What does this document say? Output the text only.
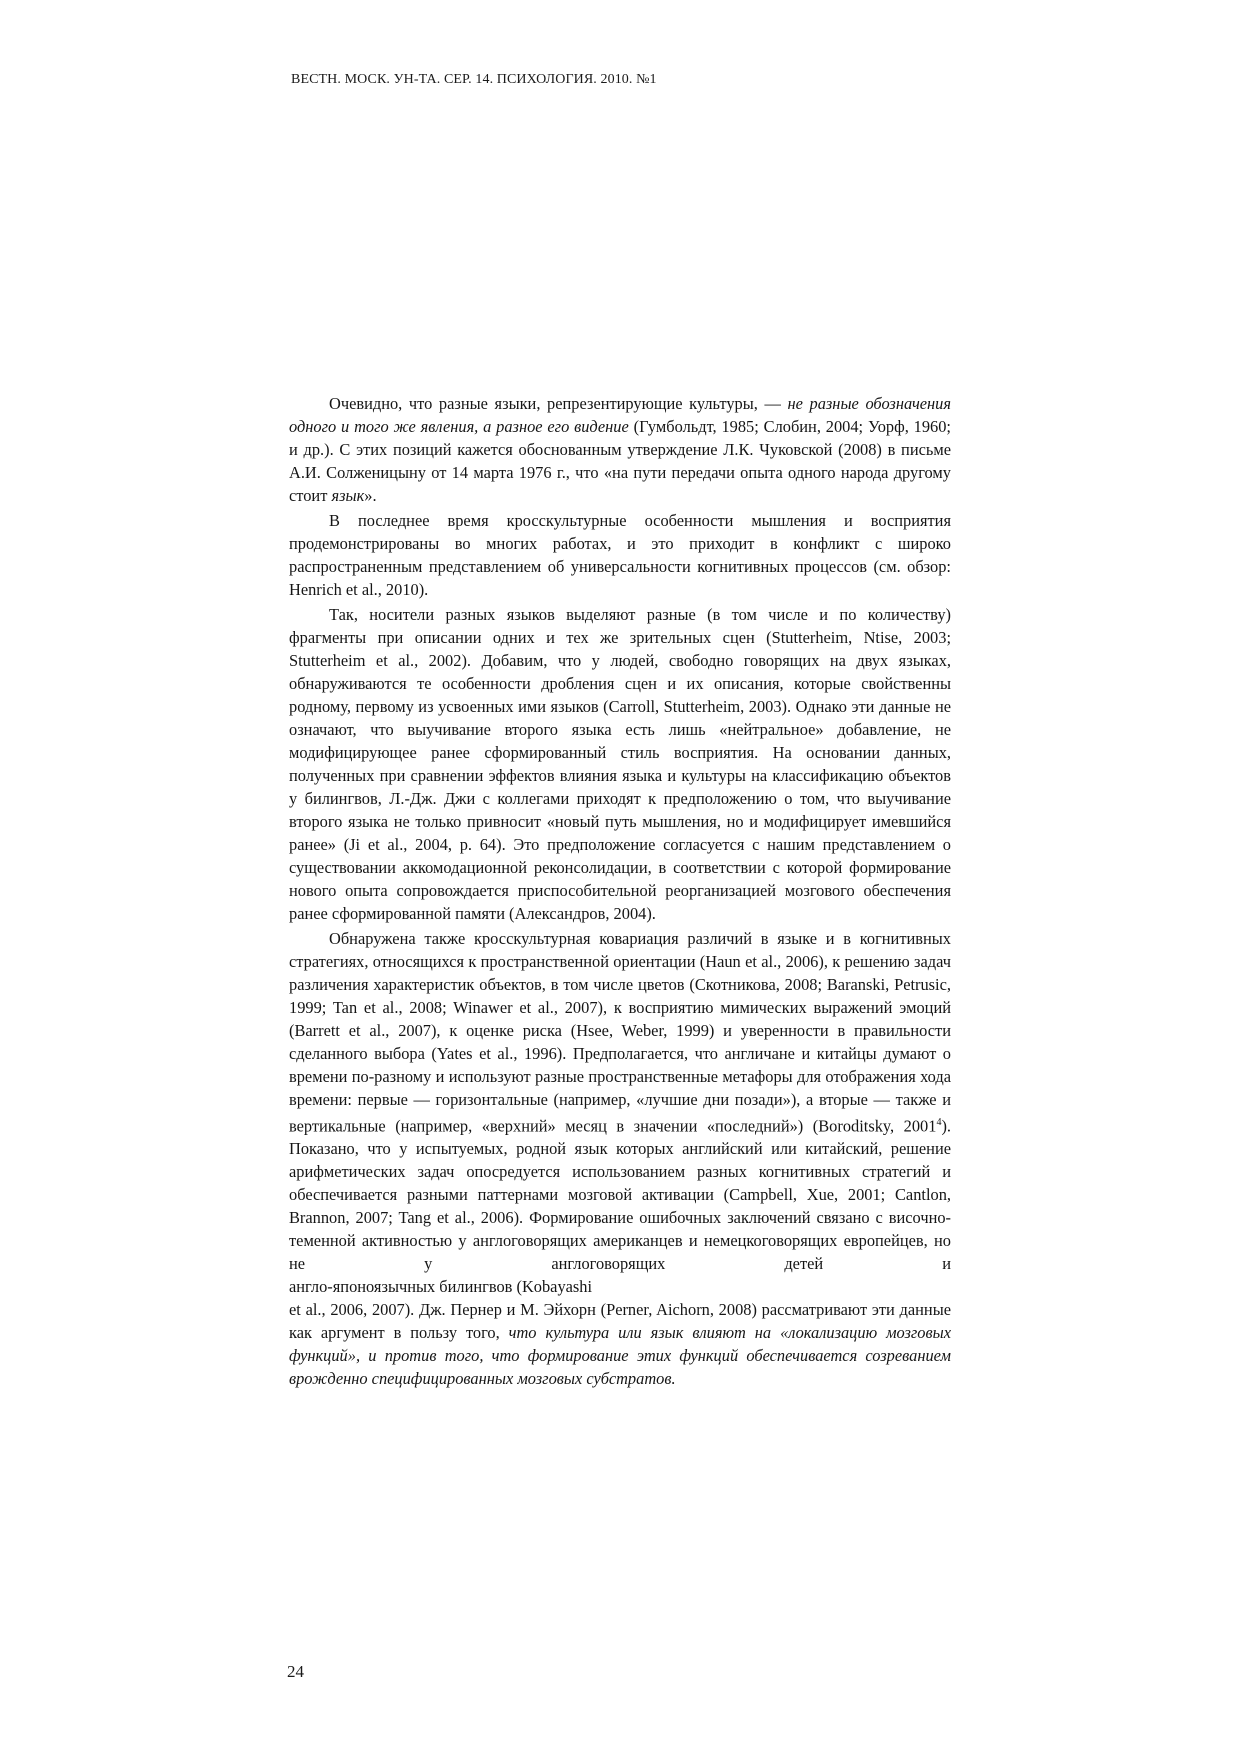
ВЕСТН. МОСК. УН-ТА. СЕР. 14. ПСИХОЛОГИЯ. 2010. №1

Очевидно, что разные языки, репрезентирующие культуры, — не разные обозначения одного и того же явления, а разное его видение (Гумбольдт, 1985; Слобин, 2004; Уорф, 1960; и др.). С этих позиций кажется обоснованным утверждение Л.К. Чуковской (2008) в письме А.И. Солженицыну от 14 марта 1976 г., что «на пути передачи опыта одного народа другому стоит язык».

В последнее время кросскультурные особенности мышления и восприятия продемонстрированы во многих работах, и это приходит в конфликт с широко распространенным представлением об универсальности когнитивных процессов (см. обзор: Henrich et al., 2010).

Так, носители разных языков выделяют разные (в том числе и по количеству) фрагменты при описании одних и тех же зрительных сцен (Stutterheim, Ntise, 2003; Stutterheim et al., 2002). Добавим, что у людей, свободно говорящих на двух языках, обнаруживаются те особенности дробления сцен и их описания, которые свойственны родному, первому из усвоенных ими языков (Carroll, Stutterheim, 2003). Однако эти данные не означают, что выучивание второго языка есть лишь «нейтральное» добавление, не модифицирующее ранее сформированный стиль восприятия. На основании данных, полученных при сравнении эффектов влияния языка и культуры на классификацию объектов у билингвов, Л.-Дж. Джи с коллегами приходят к предположению о том, что выучивание второго языка не только привносит «новый путь мышления, но и модифицирует имевшийся ранее» (Ji et al., 2004, p. 64). Это предположение согласуется с нашим представлением о существовании аккомодационной реконсолидации, в соответствии с которой формирование нового опыта сопровождается приспособительной реорганизацией мозгового обеспечения ранее сформированной памяти (Александров, 2004).

Обнаружена также кросскультурная ковариация различий в языке и в когнитивных стратегиях, относящихся к пространственной ориентации (Haun et al., 2006), к решению задач различения характеристик объектов, в том числе цветов (Скотникова, 2008; Baranski, Petrusic, 1999; Tan et al., 2008; Winawer et al., 2007), к восприятию мимических выражений эмоций (Barrett et al., 2007), к оценке риска (Hsee, Weber, 1999) и уверенности в правильности сделанного выбора (Yates et al., 1996). Предполагается, что англичане и китайцы думают о времени по-разному и используют разные пространственные метафоры для отображения хода времени: первые — горизонтальные (например, «лучшие дни позади»), а вторые — также и вертикальные (например, «верхний» месяц в значении «последний») (Boroditsky, 2001$^4$). Показано, что у испытуемых, родной язык которых английский или китайский, решение арифметических задач опосредуется использованием разных когнитивных стратегий и обеспечивается разными паттернами мозговой активации (Campbell, Xue, 2001; Cantlon, Brannon, 2007; Tang et al., 2006). Формирование ошибочных заключений связано с височно-теменной активностью у англоговорящих американцев и немецкоговорящих европейцев, но не у англоговорящих детей и

англо-японоязычных билингвов (Kobayashi

et al., 2006, 2007). Дж. Пернер и М. Эйхорн (Perner, Aichorn, 2008) рассматривают эти данные как аргумент в пользу того, что культура или язык влияют на «локализацию мозговых функций», и против того, что формирование этих функций обеспечивается созреванием врожденно специфицированных мозговых субстратов.

24
